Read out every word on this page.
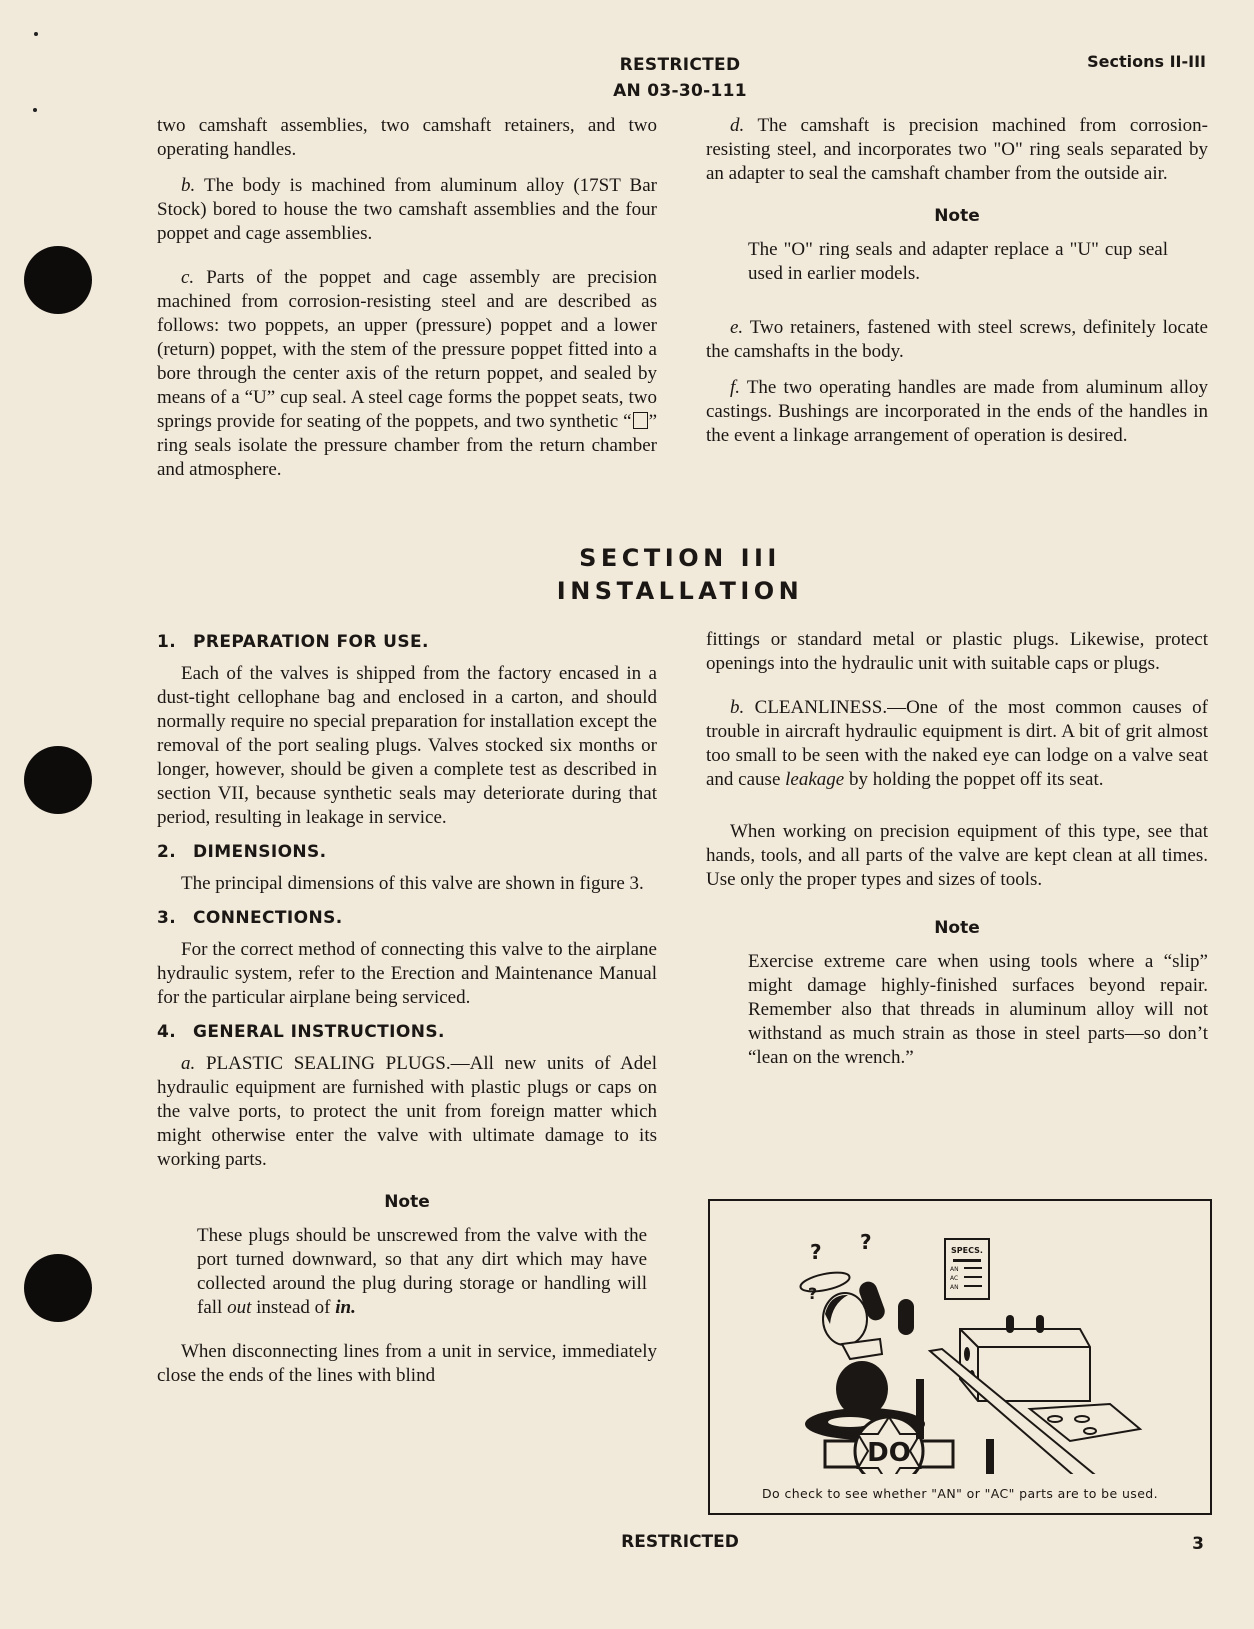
RESTRICTED
AN 03-30-111
Sections II-III

two camshaft assemblies, two camshaft retainers, and two operating handles.

b. The body is machined from aluminum alloy (17ST Bar Stock) bored to house the two camshaft assemblies and the four poppet and cage assemblies.

c. Parts of the poppet and cage assembly are precision machined from corrosion-resisting steel and are described as follows: two poppets, an upper (pressure) poppet and a lower (return) poppet, with the stem of the pressure poppet fitted into a bore through the center axis of the return poppet, and sealed by means of a “U” cup seal. A steel cage forms the poppet seats, two springs provide for seating of the poppets, and two synthetic “ ” ring seals isolate the pressure chamber from the return chamber and atmosphere.

d. The camshaft is precision machined from corrosion-resisting steel, and incorporates two "O" ring seals separated by an adapter to seal the camshaft chamber from the outside air.

Note

The "O" ring seals and adapter replace a "U" cup seal used in earlier models.

e. Two retainers, fastened with steel screws, definitely locate the camshafts in the body.

f. The two operating handles are made from aluminum alloy castings. Bushings are incorporated in the ends of the handles in the event a linkage arrangement of operation is desired.

SECTION III
INSTALLATION
1. PREPARATION FOR USE.

Each of the valves is shipped from the factory encased in a dust-tight cellophane bag and enclosed in a carton, and should normally require no special preparation for installation except the removal of the port sealing plugs. Valves stocked six months or longer, however, should be given a complete test as described in section VII, because synthetic seals may deteriorate during that period, resulting in leakage in service.

2. DIMENSIONS.

The principal dimensions of this valve are shown in figure 3.

3. CONNECTIONS.

For the correct method of connecting this valve to the airplane hydraulic system, refer to the Erection and Maintenance Manual for the particular airplane being serviced.

4. GENERAL INSTRUCTIONS.

a. PLASTIC SEALING PLUGS.—All new units of Adel hydraulic equipment are furnished with plastic plugs or caps on the valve ports, to protect the unit from foreign matter which might otherwise enter the valve with ultimate damage to its working parts.

Note

These plugs should be unscrewed from the valve with the port turned downward, so that any dirt which may have collected around the plug during storage or handling will fall out instead of in.

When disconnecting lines from a unit in service, immediately close the ends of the lines with blind

fittings or standard metal or plastic plugs. Likewise, protect openings into the hydraulic unit with suitable caps or plugs.

b. CLEANLINESS.—One of the most common causes of trouble in aircraft hydraulic equipment is dirt. A bit of grit almost too small to be seen with the naked eye can lodge on a valve seat and cause leakage by holding the poppet off its seat.

When working on precision equipment of this type, see that hands, tools, and all parts of the valve are kept clean at all times. Use only the proper types and sizes of tools.

Note

Exercise extreme care when using tools where a “slip” might damage highly-finished surfaces beyond repair. Remember also that threads in aluminum alloy will not withstand as much strain as those in steel parts—so don’t “lean on the wrench.”

? ?
?
DO
SPECS.
AN
AC
AN
Do check to see whether "AN" or "AC" parts are to be used.
RESTRICTED	3
